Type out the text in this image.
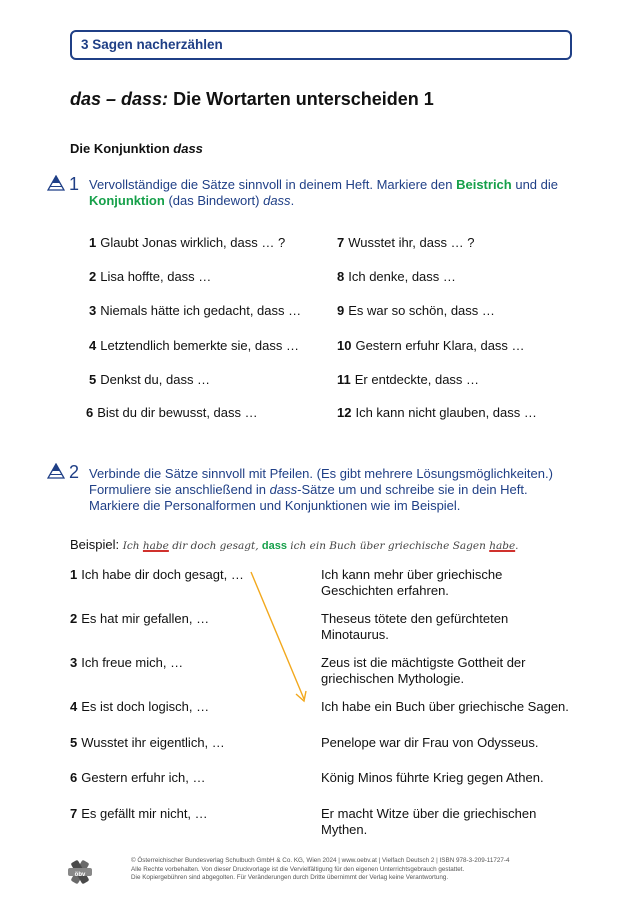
3 Sagen nacherzählen
das – dass: Die Wortarten unterscheiden 1
Die Konjunktion dass
1 Vervollständige die Sätze sinnvoll in deinem Heft. Markiere den Beistrich und die
Konjunktion (das Bindewort) dass.
1 Glaubt Jonas wirklich, dass … ?
2 Lisa hoffte, dass …
3 Niemals hätte ich gedacht, dass …
4 Letztendlich bemerkte sie, dass …
5 Denkst du, dass …
6 Bist du dir bewusst, dass …
7 Wusstet ihr, dass … ?
8 Ich denke, dass …
9 Es war so schön, dass …
10 Gestern erfuhr Klara, dass …
11 Er entdeckte, dass …
12 Ich kann nicht glauben, dass …
2 Verbinde die Sätze sinnvoll mit Pfeilen. (Es gibt mehrere Lösungsmöglichkeiten.)
Formuliere sie anschließend in dass-Sätze um und schreibe sie in dein Heft.
Markiere die Personalformen und Konjunktionen wie im Beispiel.
Beispiel: Ich habe dir doch gesagt, dass ich ein Buch über griechische Sagen habe.
1 Ich habe dir doch gesagt, …
2 Es hat mir gefallen, …
3 Ich freue mich, …
4 Es ist doch logisch, …
5 Wusstet ihr eigentlich, …
6 Gestern erfuhr ich, …
7 Es gefällt mir nicht, …
Ich kann mehr über griechische
Geschichten erfahren.
Theseus tötete den gefürchteten
Minotaurus.
Zeus ist die mächtigste Gottheit der
griechischen Mythologie.
Ich habe ein Buch über griechische Sagen.
Penelope war dir Frau von Odysseus.
König Minos führte Krieg gegen Athen.
Er macht Witze über die griechischen
Mythen.
öbv
© Österreichischer Bundesverlag Schulbuch GmbH & Co. KG, Wien 2024 | www.oebv.at | Vielfach Deutsch 2 | ISBN 978-3-209-11727-4
Alle Rechte vorbehalten. Von dieser Druckvorlage ist die Vervielfältigung für den eigenen Unterrichtsgebrauch gestattet.
Die Kopiergebühren sind abgegolten. Für Veränderungen durch Dritte übernimmt der Verlag keine Verantwortung.
